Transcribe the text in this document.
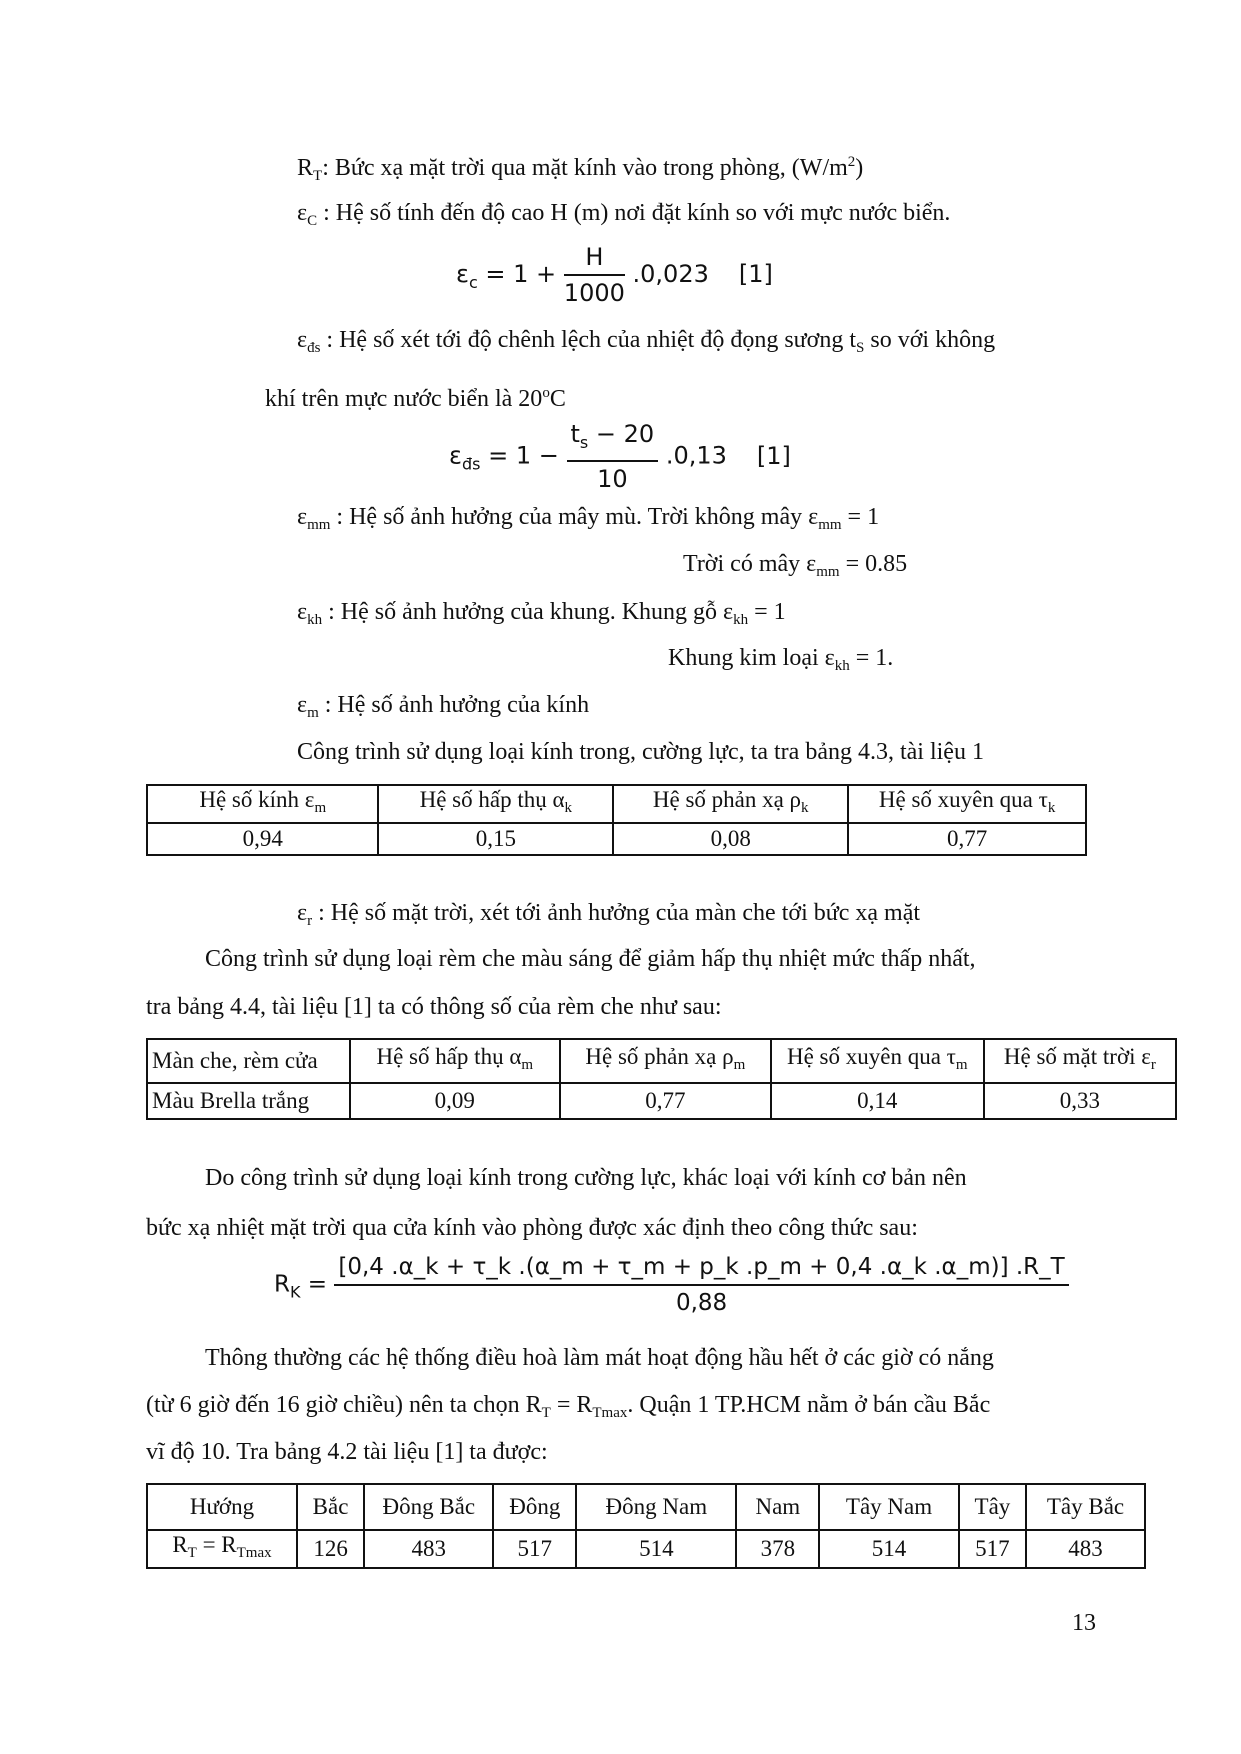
$R_T$: Bức xạ mặt trời qua mặt kính vào trong phòng, $(W/m^2)$
$\varepsilon_C$ : Hệ số tính đến độ cao H (m) nơi đặt kính so với mực nước biển.
$\varepsilon_c = 1 + \frac{H}{1000} .0,023$ [1]
$\varepsilon_{đs}$ : Hệ số xét tới độ chênh lệch của nhiệt độ đọng sương $t_S$ so với không
khí trên mực nước biển là 20$^o$C
$\varepsilon_{đs} = 1 - \frac{t_s - 20}{10} .0,13$ [1]
$\varepsilon_{mm}$ : Hệ số ảnh hưởng của mây mù. Trời không mây $\varepsilon_{mm} = 1$
Trời có mây $\varepsilon_{mm} = 0.85$
$\varepsilon_{kh}$ : Hệ số ảnh hưởng của khung. Khung gỗ $\varepsilon_{kh} = 1$
Khung kim loại $\varepsilon_{kh} = 1$.
$\varepsilon_m$ : Hệ số ảnh hưởng của kính
Công trình sử dụng loại kính trong, cường lực, ta tra bảng 4.3, tài liệu 1
Hệ số kính $\varepsilon_m$	Hệ số hấp thụ $\alpha_k$	Hệ số phản xạ $\rho_k$	Hệ số xuyên qua $\tau_k$
0,94	0,15	0,08	0,77
$\varepsilon_r$ : Hệ số mặt trời, xét tới ảnh hưởng của màn che tới bức xạ mặt
Công trình sử dụng loại rèm che màu sáng để giảm hấp thụ nhiệt mức thấp nhất,
tra bảng 4.4, tài liệu [1] ta có thông số của rèm che như sau:
Màn che, rèm cửa	Hệ số hấp thụ $\alpha_m$	Hệ số phản xạ $\rho_m$	Hệ số xuyên qua $\tau_m$	Hệ số mặt trời $\varepsilon_r$
Màu Brella trắng	0,09	0,77	0,14	0,33
Do công trình sử dụng loại kính trong cường lực, khác loại với kính cơ bản nên
bức xạ nhiệt mặt trời qua cửa kính vào phòng được xác định theo công thức sau:
$R_K$ =
[0,4 .α_k + τ_k .(α_m + τ_m + p_k .p_m + 0,4 .α_k .α_m)] .R_T
0,88
Thông thường các hệ thống điều hoà làm mát hoạt động hầu hết ở các giờ có nắng
(từ 6 giờ đến 16 giờ chiều) nên ta chọn $R_T = R_{Tmax}$. Quận 1 TP.HCM nằm ở bán cầu Bắc
vĩ độ 10. Tra bảng 4.2 tài liệu [1] ta được:
Hướng	Bắc	Đông Bắc	Đông	Đông Nam	Nam	Tây Nam	Tây	Tây Bắc
$R_T = R_{Tmax}$	126	483	517	514	378	514	517	483
13
